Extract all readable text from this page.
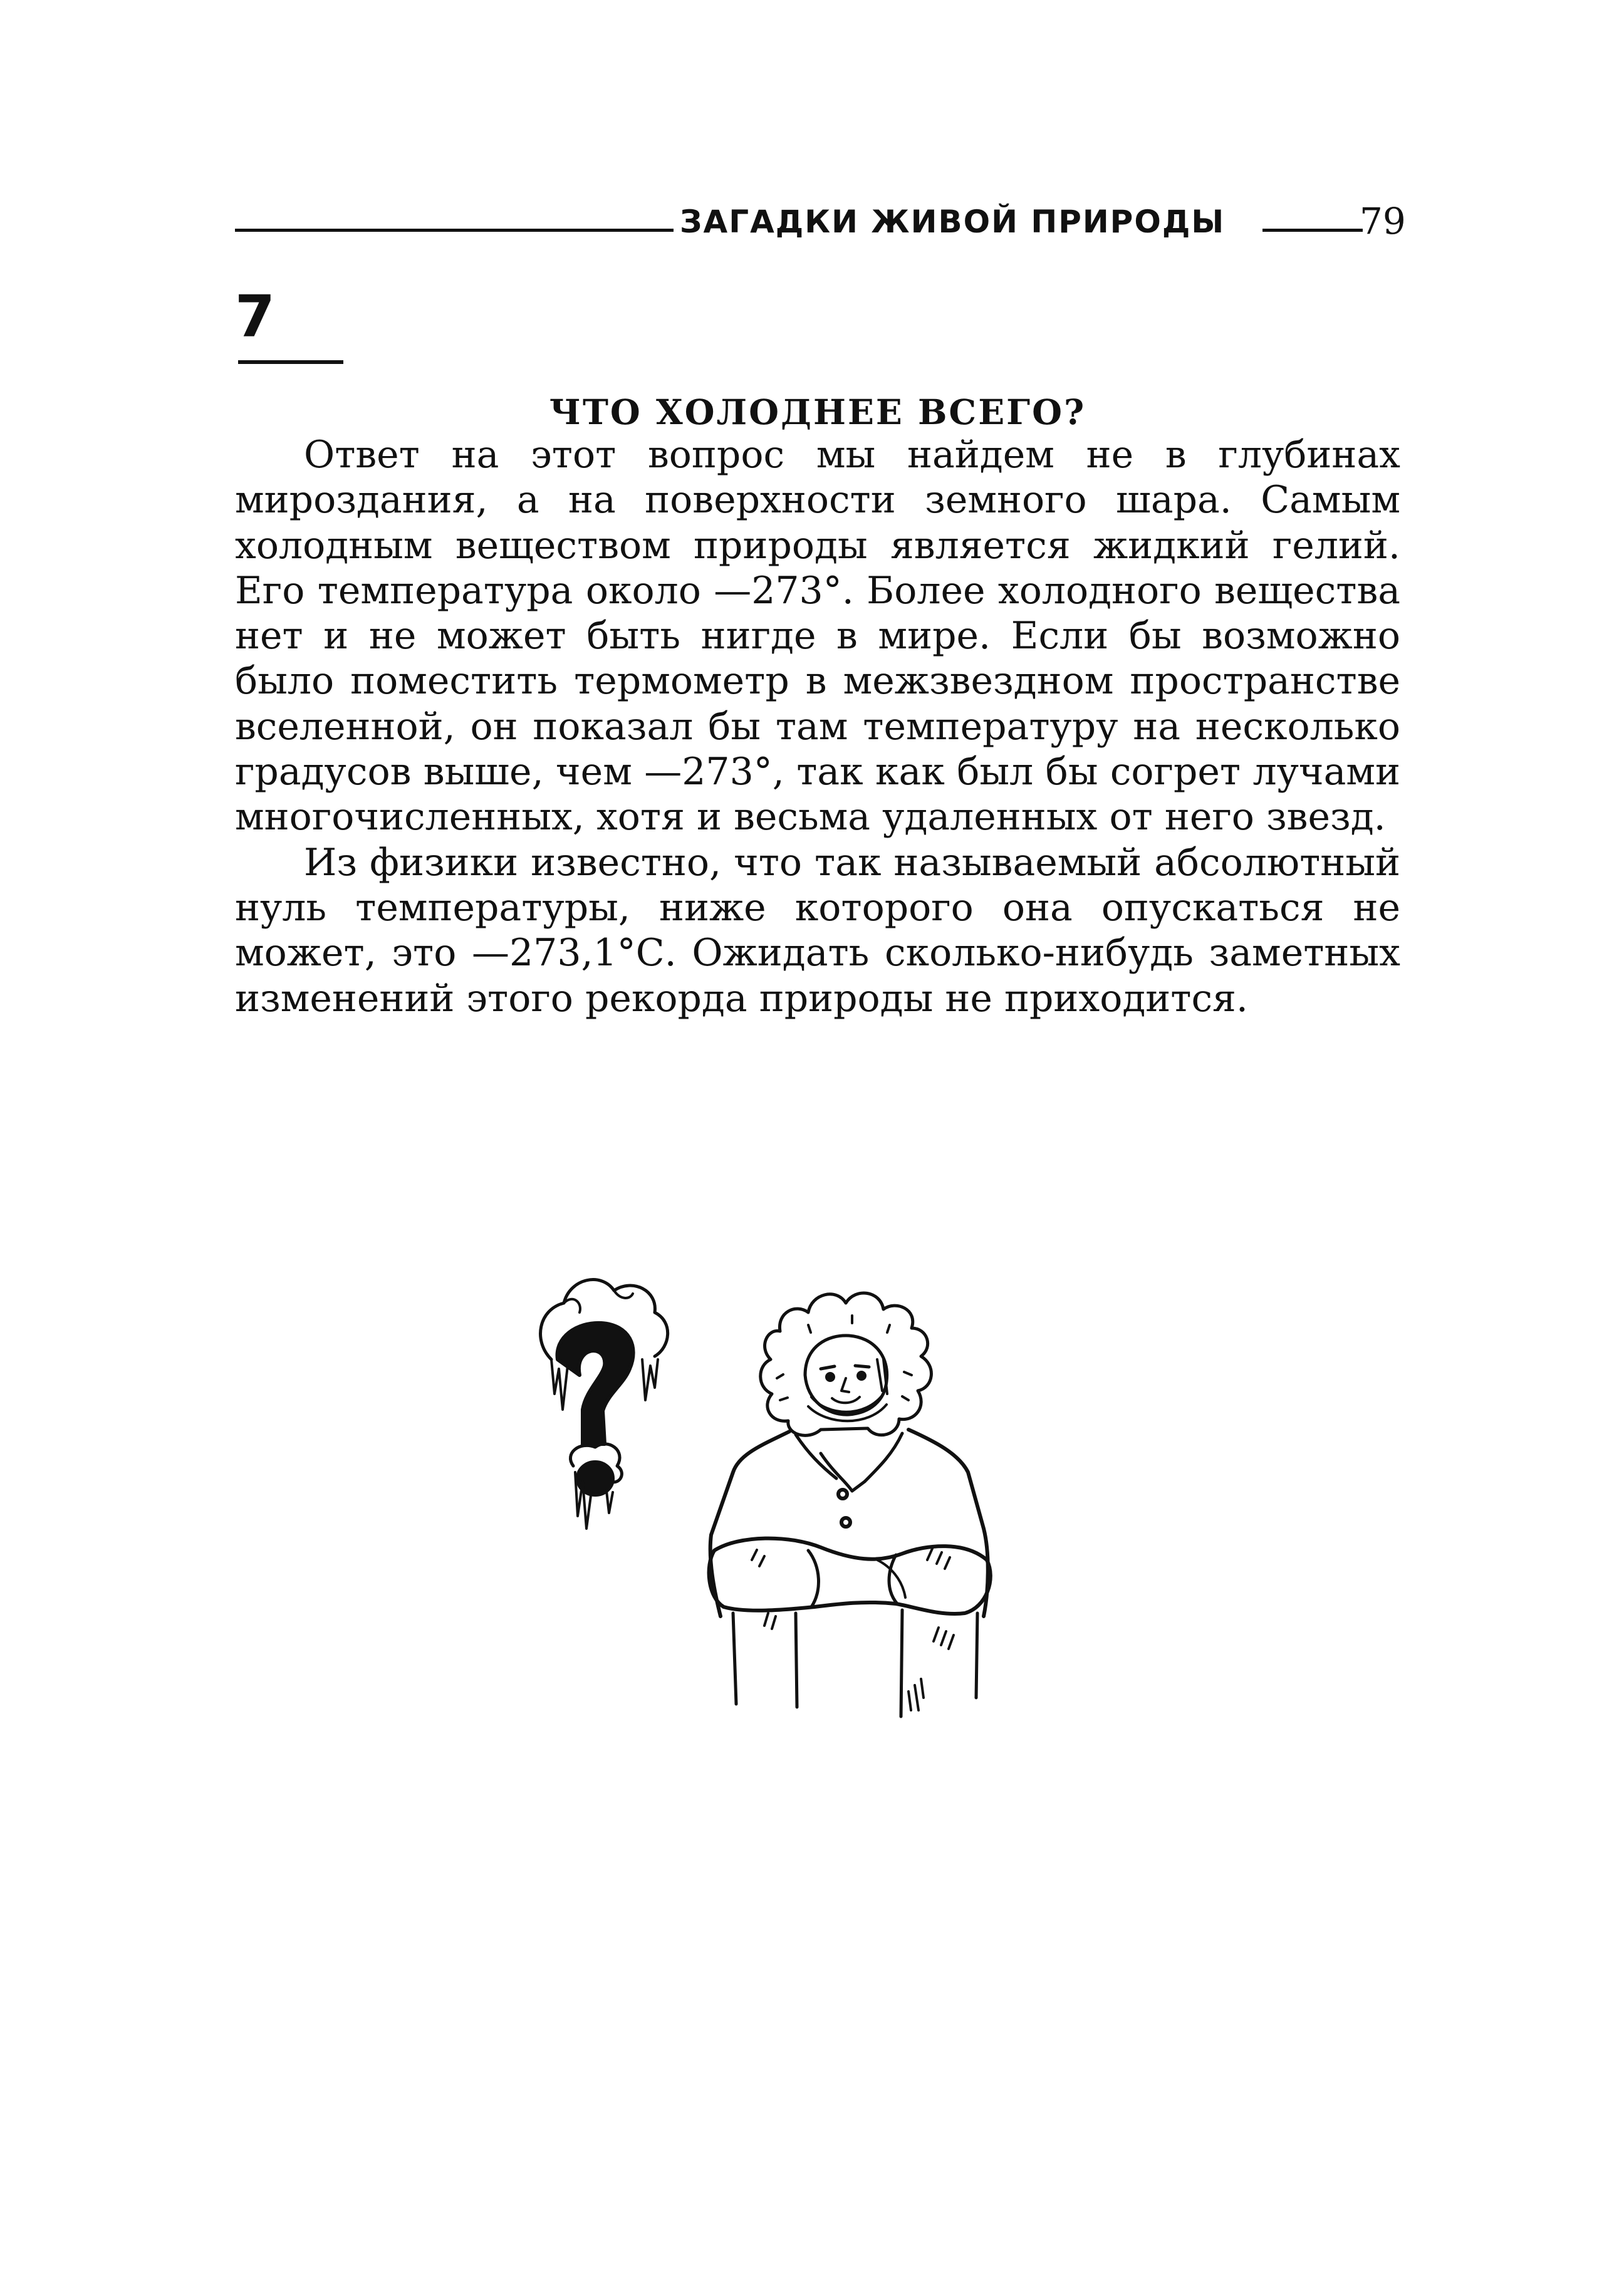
ЗАГАДКИ ЖИВОЙ ПРИРОДЫ	79
7
ЧТО ХОЛОДНЕЕ ВСЕГО?

Ответ на этот вопрос мы найдем не в глубинах мироздания, а на поверхности земного шара. Самым холодным веществом природы является жидкий гелий. Его температура около —273°. Более холодного вещества нет и не может быть нигде в мире. Если бы возможно было поместить термометр в межзвездном пространстве вселенной, он показал бы там температуру на несколько градусов выше, чем —273°, так как был бы согрет лучами многочисленных, хотя и весьма удаленных от него звезд.

Из физики известно, что так называемый абсолютный нуль температуры, ниже которого она опускаться не может, это —273,1°С. Ожидать сколько-нибудь заметных изменений этого рекорда природы не приходится.
